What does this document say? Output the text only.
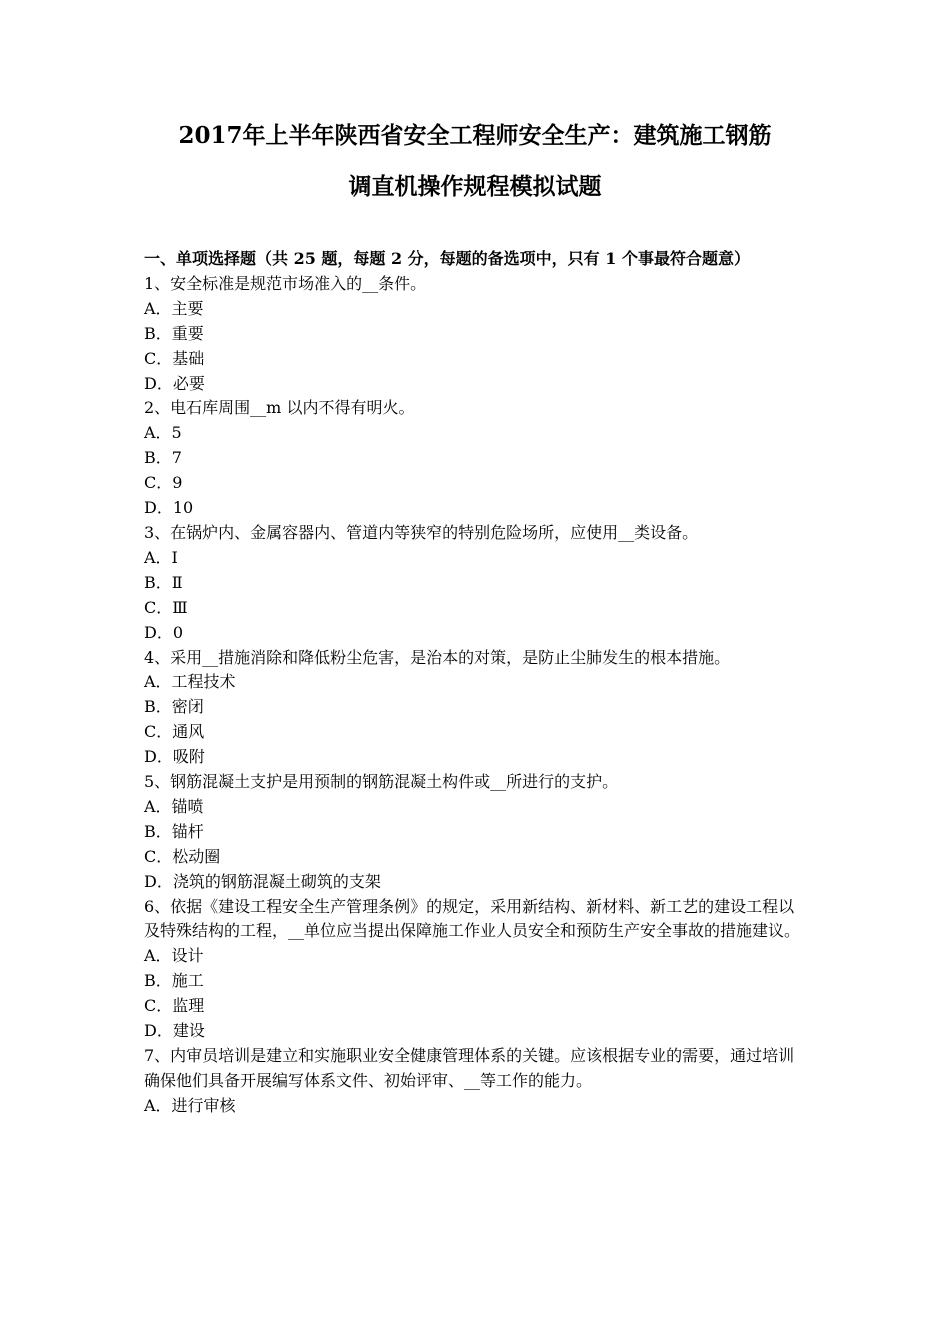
2017年上半年陕西省安全工程师安全生产：建筑施工钢筋
调直机操作规程模拟试题

一、单项选择题（共 25 题，每题 2 分，每题的备选项中，只有 1 个事最符合题意）

1、安全标准是规范市场准入的__条件。

A．主要

B．重要

C．基础

D．必要

2、电石库周围__m 以内不得有明火。

A．5

B．7

C．9

D．10

3、在锅炉内、金属容器内、管道内等狭窄的特别危险场所，应使用__类设备。

A．Ⅰ

B．Ⅱ

C．Ⅲ

D．0

4、采用__措施消除和降低粉尘危害，是治本的对策，是防止尘肺发生的根本措施。

A．工程技术

B．密闭

C．通风

D．吸附

5、钢筋混凝土支护是用预制的钢筋混凝土构件或__所进行的支护。

A．锚喷

B．锚杆

C．松动圈

D．浇筑的钢筋混凝土砌筑的支架

6、依据《建设工程安全生产管理条例》的规定，采用新结构、新材料、新工艺的建设工程以及特殊结构的工程，__单位应当提出保障施工作业人员安全和预防生产安全事故的措施建议。

A．设计

B．施工

C．监理

D．建设

7、内审员培训是建立和实施职业安全健康管理体系的关键。应该根据专业的需要，通过培训确保他们具备开展编写体系文件、初始评审、__等工作的能力。

A．进行审核
